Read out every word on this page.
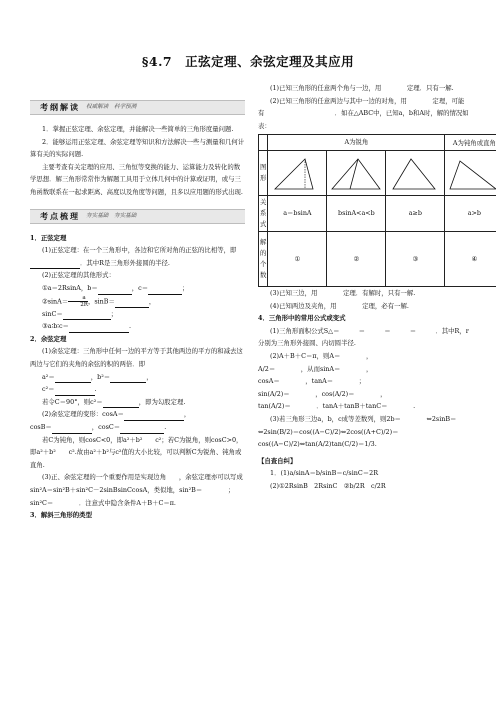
§4.7　正弦定理、余弦定理及其应用
考纲解读	权威解读　科学预测

1．掌握正弦定理、余弦定理，并能解决一些简单的三角形度量问题.

2．能够运用正弦定理、余弦定理等知识和方法解决一些与测量和几何计算有关的实际问题.

主要考查有关定理的应用、三角恒等变换的能力、运算能力及转化的数学思想．解三角形常常作为解题工具用于立体几何中的计算或证明，或与三角函数联系在一起求距离、高度以及角度等问题，且多以应用题的形式出现.

考点梳理	夯实基础　夯实基础

1．正弦定理

(1)正弦定理：在一个三角形中，各边和它所对角的正弦的比相等，即．其中R是三角形外接圆的半径.

(2)正弦定理的其他形式：

①a＝2RsinA，b＝	，c＝	；

②sinA＝ $\frac{a}{2R}$ ，sinB＝	，

sinC＝	；

③a∶b∶c＝	.

2．余弦定理

(1)余弦定理：三角形中任何一边的平方等于其他两边的平方的和减去这两边与它们的夹角的余弦的积的两倍．即

a²＝	，b²＝	，

c²＝	.

若令C＝90°，则c²＝	，即为勾股定理.

(2)余弦定理的变形：cosA＝	，

cosB＝	，cosC＝	.

若C为钝角，则cosC<0，即a²＋b²　　c²；若C为锐角，则cosC>0，即a²＋b²　　c².故由a²＋b²与c²值的大小比较，可以判断C为锐角、钝角或直角.

(3)正、余弦定理的一个重要作用是实现边角　　，余弦定理亦可以写成sin²A＝sin²B＋sin²C－2sinBsinCcosA，类似地，sin²B＝　　　　；sin²C＝　　　　．注意式中隐含条件A＋B＋C＝π.

3．解斜三角形的类型

(1)已知三角形的任意两个角与一边，用　　　　定理．只有一解.

(2)已知三角形的任意两边与其中一边的对角，用　　　　定理，可能有　　　　　　　　　　　．如在△ABC中，已知a，b和A时，解的情况如表：

	A为锐角			A为钝角或直角
图形	

关系式	a＝bsinA	bsinA<a<b	a≥b	a>b
解的个数	①	②	③	④

(3)已知三边，用　　　　定理．有解时，只有一解.

(4)已知两边及夹角，用　　　　定理，必有一解.

4．三角形中的常用公式或变式

(1)三角形面积公式S△＝　　　＝　　　＝　　　＝　　　．其中R，r分别为三角形外接圆、内切圆半径.

(2)A＋B＋C＝π，则A＝　　　　，

A/2＝　　　　，从而sinA＝　　　　，

cosA＝　　　　，tanA＝　　　　；

sin(A/2)＝　　　　，cos(A/2)＝　　　　，

tan(A/2)＝　　　　．tanA＋tanB＋tanC＝　　　　.

(3)若三角形三边a，b，c成等差数列，则2b＝　　　　⇔2sinB＝　　　　⇔2sin(B/2)＝cos((A−C)/2)⇔2cos((A+C)/2)＝cos((A−C)/2)⇔tan(A/2)tan(C/2)＝1/3.

【自查自纠】

1．(1)a/sinA＝b/sinB＝c/sinC＝2R

(2)①2RsinB　2RsinC　②b/2R　c/2R
